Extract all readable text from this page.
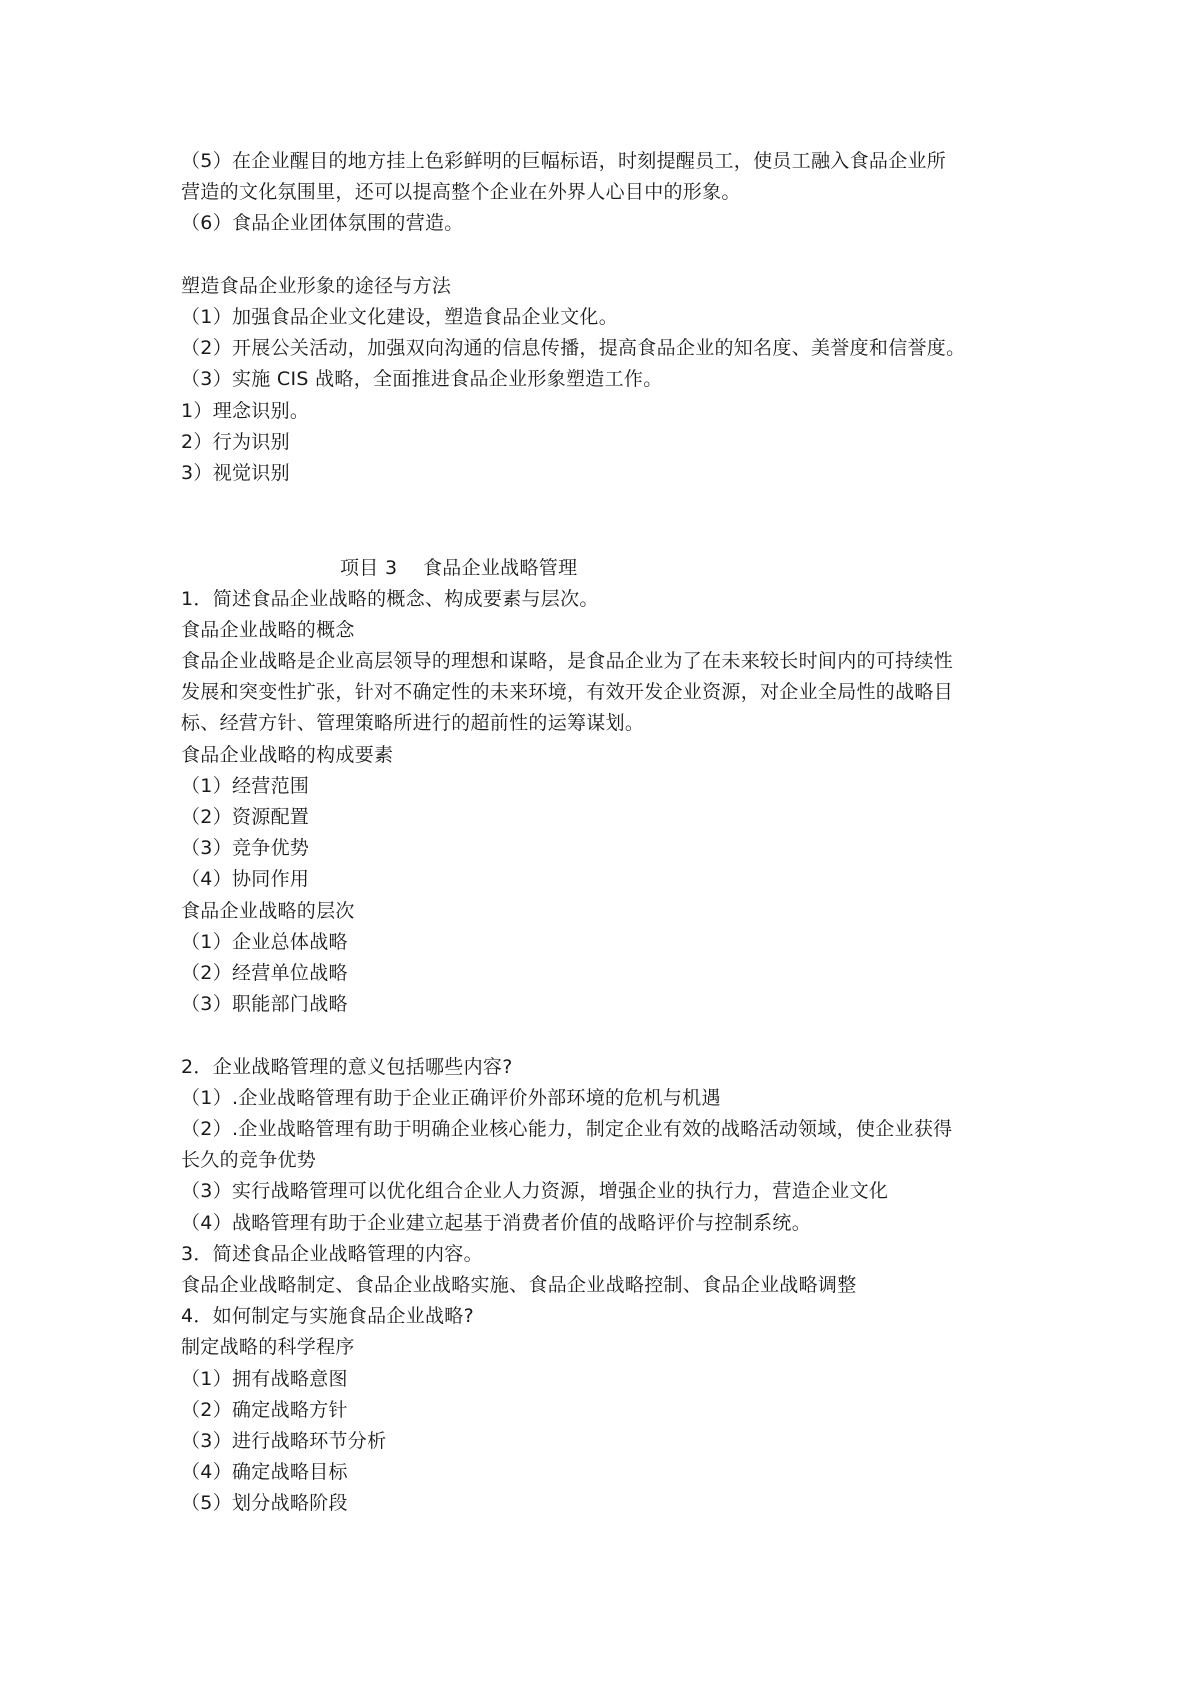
（5）在企业醒目的地方挂上色彩鲜明的巨幅标语，时刻提醒员工，使员工融入食品企业所
营造的文化氛围里，还可以提高整个企业在外界人心目中的形象。
（6）食品企业团体氛围的营造。
塑造食品企业形象的途径与方法
（1）加强食品企业文化建设，塑造食品企业文化。
（2）开展公关活动，加强双向沟通的信息传播，提高食品企业的知名度、美誉度和信誉度。
（3）实施 CIS 战略，全面推进食品企业形象塑造工作。
1）理念识别。
2）行为识别
3）视觉识别
项目 3　 食品企业战略管理
1．简述食品企业战略的概念、构成要素与层次。
食品企业战略的概念
食品企业战略是企业高层领导的理想和谋略，是食品企业为了在未来较长时间内的可持续性
发展和突变性扩张，针对不确定性的未来环境，有效开发企业资源，对企业全局性的战略目
标、经营方针、管理策略所进行的超前性的运筹谋划。
食品企业战略的构成要素
（1）经营范围
（2）资源配置
（3）竞争优势
（4）协同作用
食品企业战略的层次
（1）企业总体战略
（2）经营单位战略
（3）职能部门战略
2．企业战略管理的意义包括哪些内容?
（1）.企业战略管理有助于企业正确评价外部环境的危机与机遇
（2）.企业战略管理有助于明确企业核心能力，制定企业有效的战略活动领域，使企业获得
长久的竞争优势
（3）实行战略管理可以优化组合企业人力资源，增强企业的执行力，营造企业文化
（4）战略管理有助于企业建立起基于消费者价值的战略评价与控制系统。
3．简述食品企业战略管理的内容。
食品企业战略制定、食品企业战略实施、食品企业战略控制、食品企业战略调整
4．如何制定与实施食品企业战略?
制定战略的科学程序
（1）拥有战略意图
（2）确定战略方针
（3）进行战略环节分析
（4）确定战略目标
（5）划分战略阶段
